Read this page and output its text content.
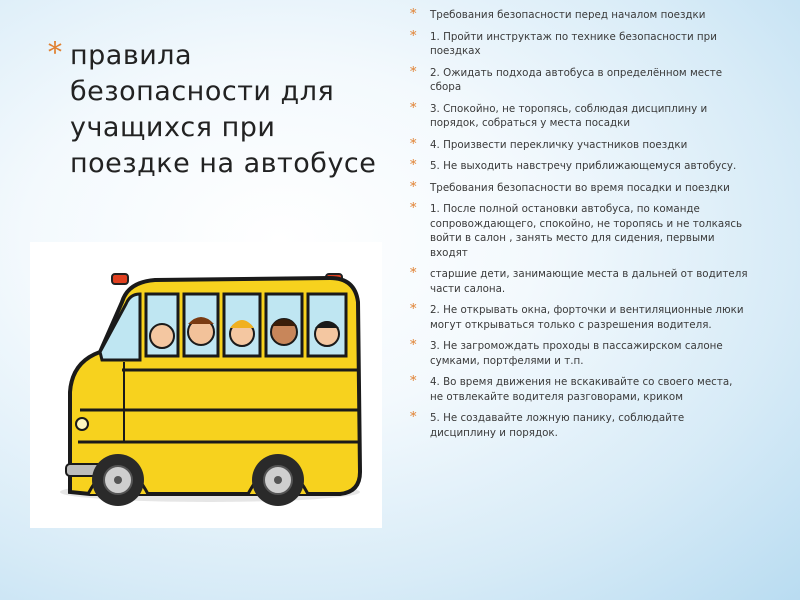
* правила безопасности для учащихся при поездке на автобусе
* Требования безопасности перед началом поездки
* 1. Пройти инструктаж по технике безопасности при поездках
* 2. Ожидать подхода автобуса в определённом месте сбора
* 3. Спокойно, не торопясь, соблюдая дисциплину и порядок, собраться у места посадки
* 4. Произвести перекличку участников поездки
* 5. Не выходить навстречу приближающемуся автобусу.
* Требования безопасности во время посадки и поездки
* 1. После полной остановки автобуса, по команде сопровождающего, спокойно, не торопясь и не толкаясь войти в салон , занять место для сидения, первыми входят
* старшие дети, занимающие места в дальней от водителя части салона.
* 2. Не открывать окна, форточки и вентиляционные люки могут открываться только с разрешения водителя.
* 3. Не загромождать проходы в пассажирском салоне сумками, портфелями и т.п.
* 4. Во время движения не вскакивайте со своего места, не отвлекайте водителя разговорами, криком
* 5. Не создавайте ложную панику, соблюдайте дисциплину и порядок.
